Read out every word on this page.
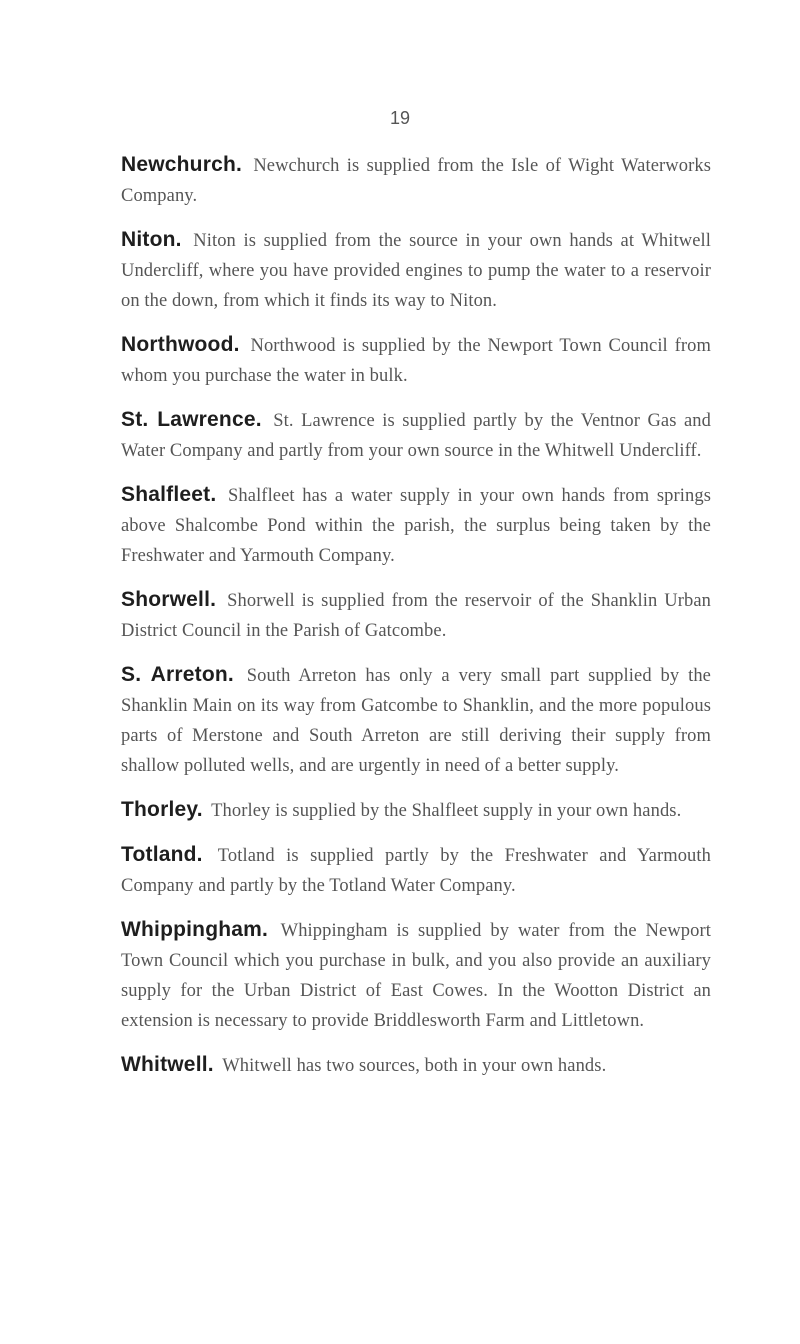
19

Newchurch. Newchurch is supplied from the Isle of Wight Waterworks Company.

Niton. Niton is supplied from the source in your own hands at Whitwell Undercliff, where you have provided engines to pump the water to a reservoir on the down, from which it finds its way to Niton.

Northwood. Northwood is supplied by the Newport Town Council from whom you purchase the water in bulk.

St. Lawrence. St. Lawrence is supplied partly by the Ventnor Gas and Water Company and partly from your own source in the Whitwell Undercliff.

Shalfleet. Shalfleet has a water supply in your own hands from springs above Shalcombe Pond within the parish, the surplus being taken by the Freshwater and Yarmouth Company.

Shorwell. Shorwell is supplied from the reservoir of the Shanklin Urban District Council in the Parish of Gatcombe.

S. Arreton. South Arreton has only a very small part supplied by the Shanklin Main on its way from Gatcombe to Shanklin, and the more populous parts of Merstone and South Arreton are still deriving their supply from shallow polluted wells, and are urgently in need of a better supply.

Thorley. Thorley is supplied by the Shalfleet supply in your own hands.

Totland. Totland is supplied partly by the Freshwater and Yarmouth Company and partly by the Totland Water Company.

Whippingham. Whippingham is supplied by water from the Newport Town Council which you purchase in bulk, and you also provide an auxiliary supply for the Urban District of East Cowes. In the Wootton District an extension is necessary to provide Briddlesworth Farm and Littletown.

Whitwell. Whitwell has two sources, both in your own hands.
